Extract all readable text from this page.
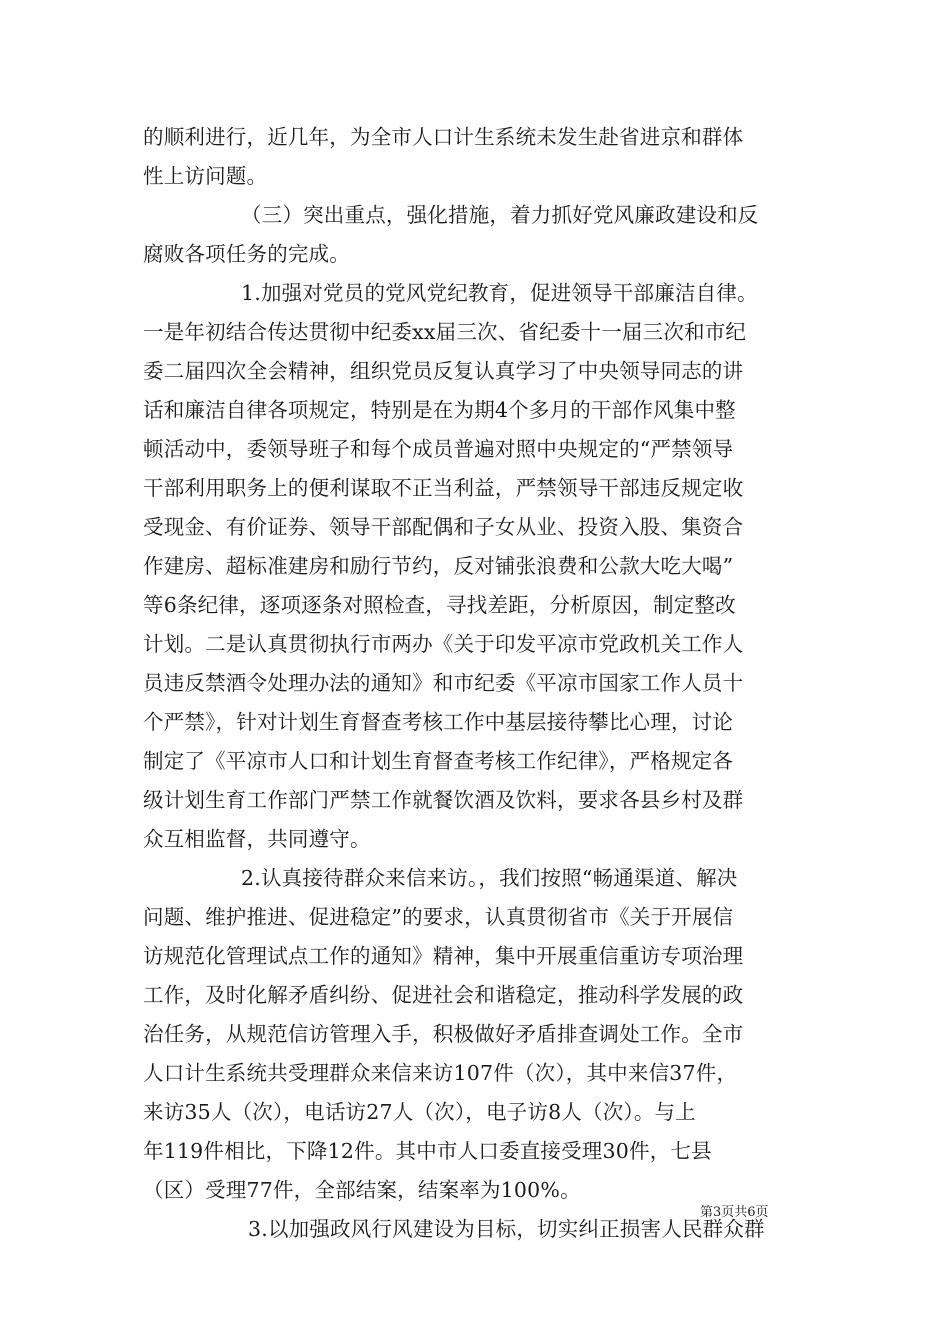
的顺利进行，近几年，为全市人口计生系统未发生赴省进京和群体
性上访问题。
（三）突出重点，强化措施，着力抓好党风廉政建设和反
腐败各项任务的完成。
1.加强对党员的党风党纪教育，促进领导干部廉洁自律。
一是年初结合传达贯彻中纪委xx届三次、省纪委十一届三次和市纪
委二届四次全会精神，组织党员反复认真学习了中央领导同志的讲
话和廉洁自律各项规定，特别是在为期4个多月的干部作风集中整
顿活动中，委领导班子和每个成员普遍对照中央规定的“严禁领导
干部利用职务上的便利谋取不正当利益，严禁领导干部违反规定收
受现金、有价证券、领导干部配偶和子女从业、投资入股、集资合
作建房、超标准建房和励行节约，反对铺张浪费和公款大吃大喝”
等6条纪律，逐项逐条对照检查，寻找差距，分析原因，制定整改
计划。二是认真贯彻执行市两办《关于印发平凉市党政机关工作人
员违反禁酒令处理办法的通知》和市纪委《平凉市国家工作人员十
个严禁》，针对计划生育督查考核工作中基层接待攀比心理，讨论
制定了《平凉市人口和计划生育督查考核工作纪律》，严格规定各
级计划生育工作部门严禁工作就餐饮酒及饮料，要求各县乡村及群
众互相监督，共同遵守。
2.认真接待群众来信来访。，我们按照“畅通渠道、解决
问题、维护推进、促进稳定”的要求，认真贯彻省市《关于开展信
访规范化管理试点工作的通知》精神，集中开展重信重访专项治理
工作，及时化解矛盾纠纷、促进社会和谐稳定，推动科学发展的政
治任务，从规范信访管理入手，积极做好矛盾排查调处工作。全市
人口计生系统共受理群众来信来访107件（次），其中来信37件，
来访35人（次），电话访27人（次），电子访8人（次）。与上
年119件相比，下降12件。其中市人口委直接受理30件，七县
（区）受理77件，全部结案，结案率为100%。
3.以加强政风行风建设为目标，切实纠正损害人民群众群
第3页共6页
